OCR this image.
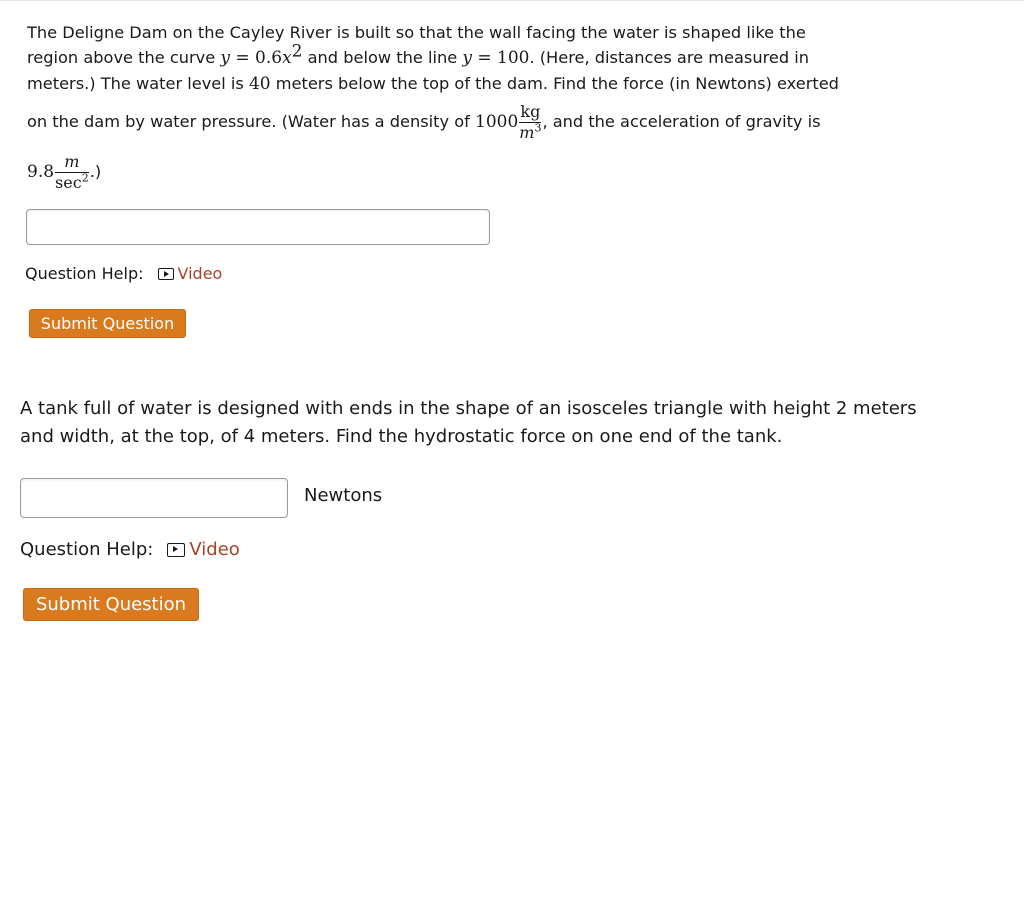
The Deligne Dam on the Cayley River is built so that the wall facing the water is shaped like the
region above the curve $y = 0.6x^2$ and below the line y = 100. (Here, distances are measured in
meters.) The water level is 40 meters below the top of the dam. Find the force (in Newtons) exerted
on the dam by water pressure. (Water has a density of $1000 \frac{kg}{m^3}$ , and the acceleration of gravity is
$9.8 \frac{m}{\sec^2}$ .)
Question Help: Video
Submit Question
A tank full of water is designed with ends in the shape of an isosceles triangle with height 2 meters
and width, at the top, of 4 meters. Find the hydrostatic force on one end of the tank.
Newtons
Question Help: Video
Submit Question
